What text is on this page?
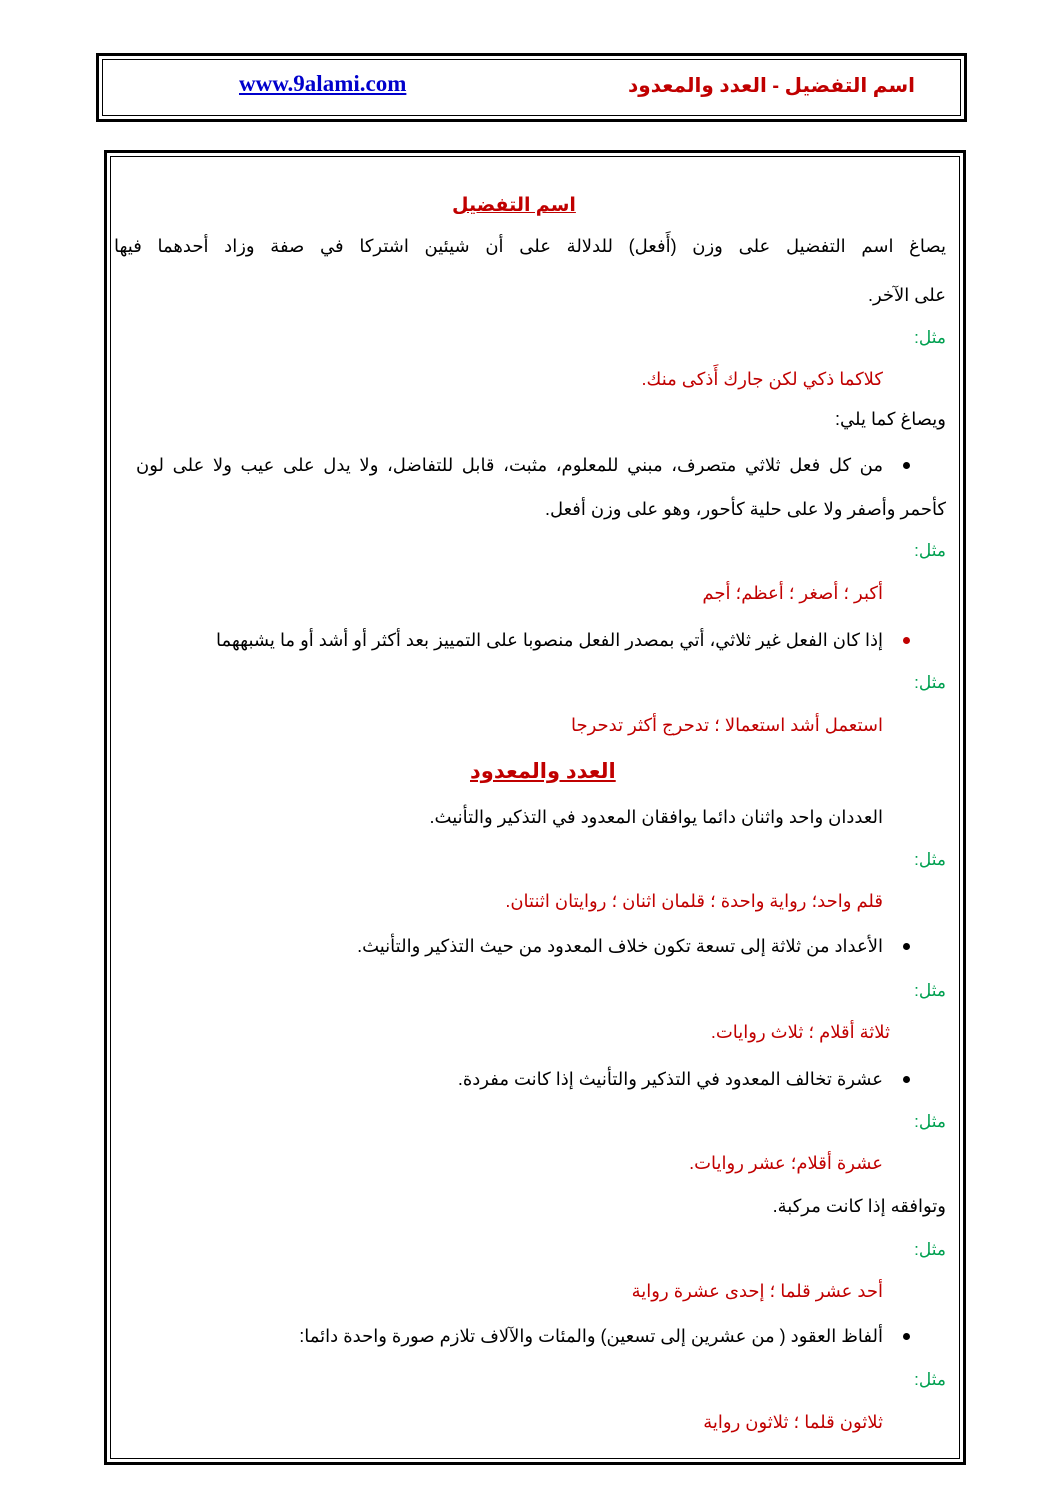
اسم التفضيل - العدد والمعدود
www.9alami.com
اسم التفضيل
يصاغ اسم التفضيل على وزن (أَفعل) للدلالة على أن شيئين اشتركا في صفة وزاد أحدهما فيها
على الآخر.
مثل:
كلاكما ذكي لكن جارك أَذكى منك.
ويصاغ كما يلي:
من كل فعل ثلاثي متصرف، مبني للمعلوم، مثبت، قابل للتفاضل، ولا يدل على عيب ولا على لون
كأحمر وأصفر ولا على حلية كأحور، وهو على وزن أفعل.
مثل:
أكبر ؛ أصغر ؛ أعظم؛ أجم
إذا كان الفعل غير ثلاثي، أتي بمصدر الفعل منصوبا على التمييز بعد أكثر أو أشد أو ما يشبههما
مثل:
استعمل أشد استعمالا ؛ تدحرج أكثر تدحرجا
العدد والمعدود
العددان واحد واثنان دائما يوافقان المعدود في التذكير والتأنيث.
مثل:
قلم واحد؛ رواية واحدة ؛ قلمان اثنان ؛ روايتان اثنتان.
الأعداد من ثلاثة إلى تسعة تكون خلاف المعدود من حيث التذكير والتأنيث.
مثل:
ثلاثة أقلام ؛ ثلاث روايات.
عشرة تخالف المعدود في التذكير والتأنيث إذا كانت مفردة.
مثل:
عشرة أقلام؛ عشر روايات.
وتوافقه إذا كانت مركبة.
مثل:
أحد عشر قلما ؛ إحدى عشرة رواية
ألفاظ العقود ( من عشرين إلى تسعين) والمئات والآلاف تلازم صورة واحدة دائما:
مثل:
ثلاثون قلما ؛ ثلاثون رواية
